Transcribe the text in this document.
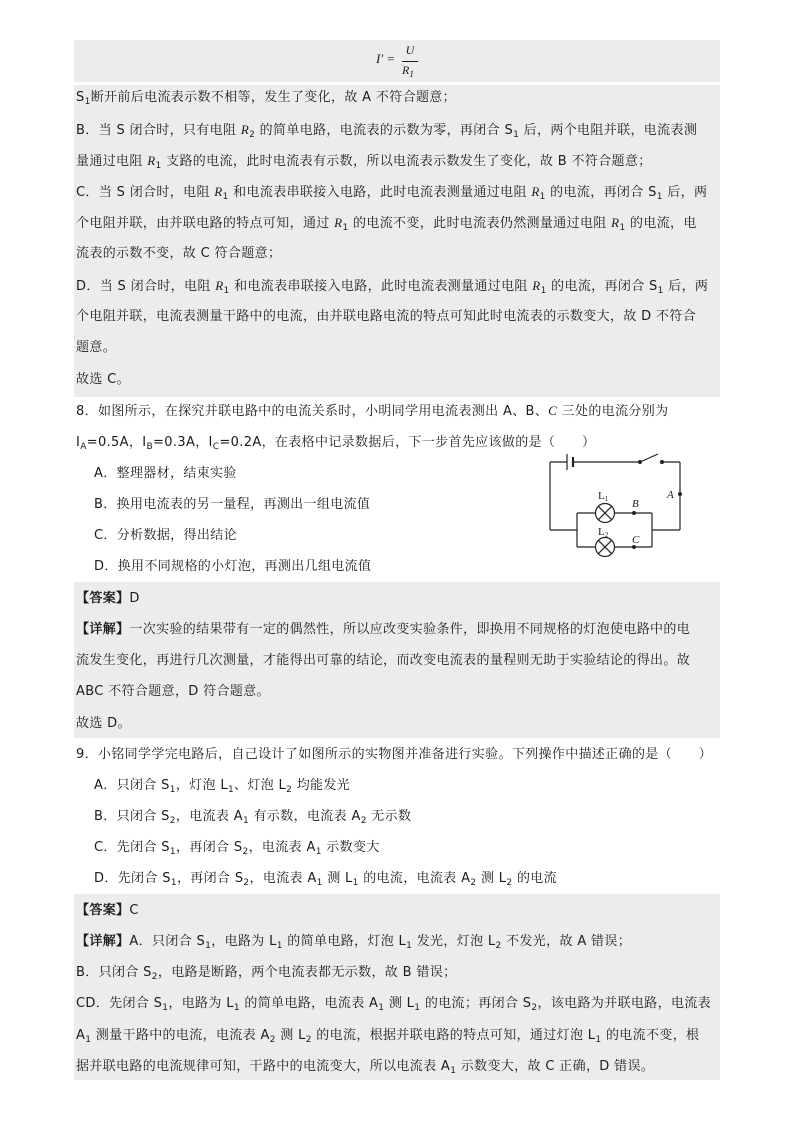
I′ =
U
$R_1$
$S_1$断开前后电流表示数不相等，发生了变化，故 A 不符合题意；
B．当 S 闭合时，只有电阻 $R_2$ 的简单电路，电流表的示数为零，再闭合 $S_1$ 后，两个电阻并联，电流表测
量通过电阻 $R_1$ 支路的电流，此时电流表有示数，所以电流表示数发生了变化，故 B 不符合题意；
C．当 S 闭合时，电阻 $R_1$ 和电流表串联接入电路，此时电流表测量通过电阻 $R_1$ 的电流，再闭合 $S_1$ 后，两
个电阻并联，由并联电路的特点可知，通过 $R_1$ 的电流不变，此时电流表仍然测量通过电阻 $R_1$ 的电流，电
流表的示数不变，故 C 符合题意；
D．当 S 闭合时，电阻 $R_1$ 和电流表串联接入电路，此时电流表测量通过电阻 $R_1$ 的电流，再闭合 $S_1$ 后，两
个电阻并联，电流表测量干路中的电流，由并联电路电流的特点可知此时电流表的示数变大，故 D 不符合
题意。
故选 C。
8．如图所示，在探究并联电路中的电流关系时，小明同学用电流表测出 A、B、C 三处的电流分别为
$I_A=0.5A$，$I_B=0.3A$，$I_C=0.2A$，在表格中记录数据后，下一步首先应该做的是（　　）
A．整理器材，结束实验
B．换用电流表的另一量程，再测出一组电流值
C．分析数据，得出结论
D．换用不同规格的小灯泡，再测出几组电流值
L1
L2
A
B
C
【答案】D
【详解】一次实验的结果带有一定的偶然性，所以应改变实验条件，即换用不同规格的灯泡使电路中的电
流发生变化，再进行几次测量，才能得出可靠的结论，而改变电流表的量程则无助于实验结论的得出。故
ABC 不符合题意，D 符合题意。
故选 D。
9．小铭同学学完电路后，自己设计了如图所示的实物图并准备进行实验。下列操作中描述正确的是（　　）
A．只闭合 $S_1$，灯泡 $L_1$、灯泡 $L_2$ 均能发光
B．只闭合 $S_2$，电流表 $A_1$ 有示数，电流表 $A_2$ 无示数
C．先闭合 $S_1$，再闭合 $S_2$，电流表 $A_1$ 示数变大
D．先闭合 $S_1$，再闭合 $S_2$，电流表 $A_1$ 测 $L_1$ 的电流，电流表 $A_2$ 测 $L_2$ 的电流
【答案】C
【详解】A．只闭合 $S_1$，电路为 $L_1$ 的简单电路，灯泡 $L_1$ 发光，灯泡 $L_2$ 不发光，故 A 错误；
B．只闭合 $S_2$，电路是断路，两个电流表都无示数，故 B 错误；
CD．先闭合 $S_1$，电路为 $L_1$ 的简单电路，电流表 $A_1$ 测 $L_1$ 的电流；再闭合 $S_2$，该电路为并联电路，电流表
$A_1$ 测量干路中的电流，电流表 $A_2$ 测 $L_2$ 的电流，根据并联电路的特点可知，通过灯泡 $L_1$ 的电流不变，根
据并联电路的电流规律可知，干路中的电流变大，所以电流表 $A_1$ 示数变大，故 C 正确，D 错误。
